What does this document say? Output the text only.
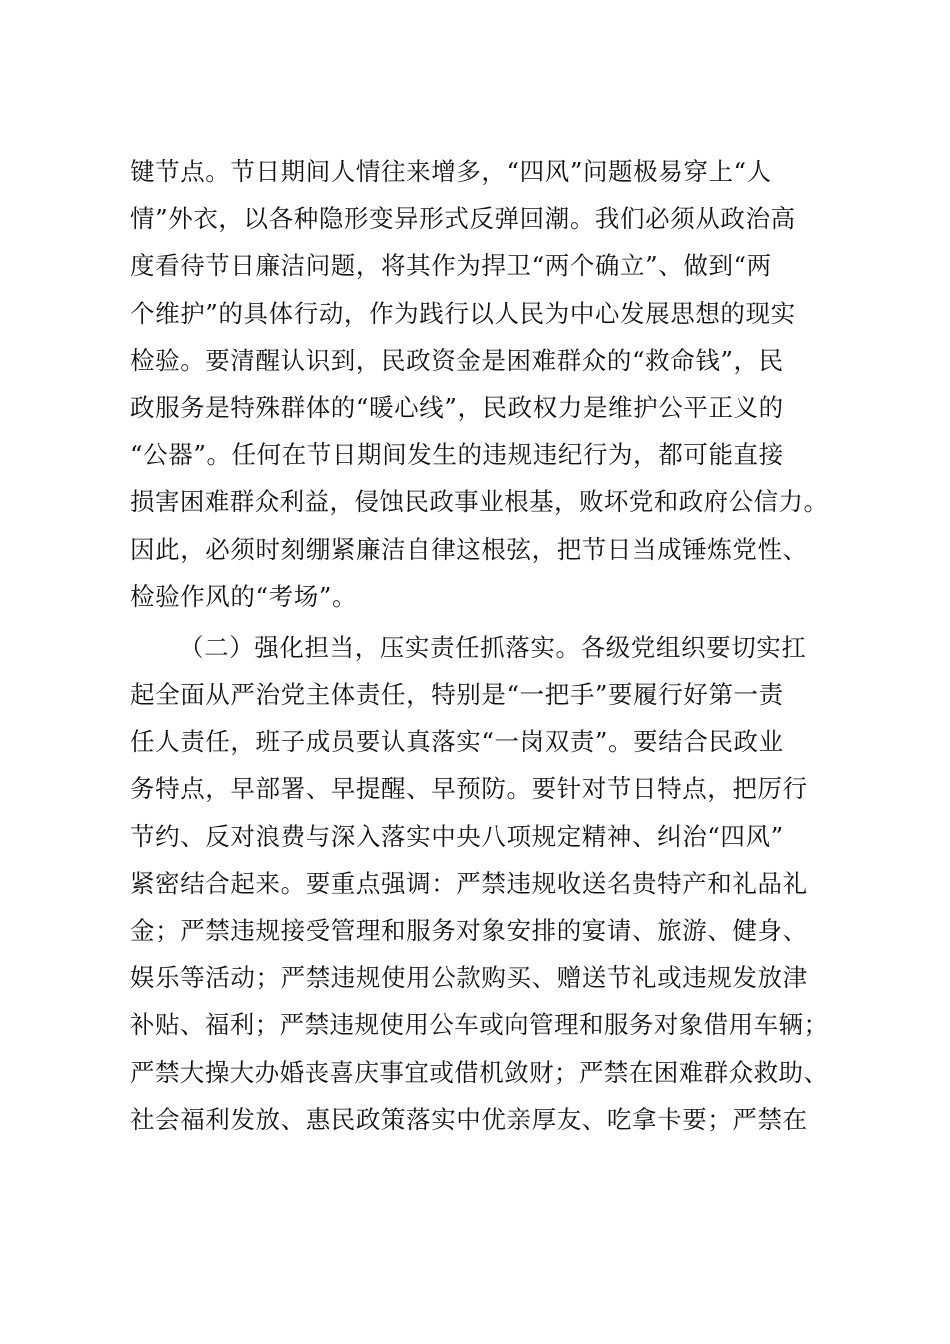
键节点。节日期间人情往来增多，“四风”问题极易穿上“人
情”外衣，以各种隐形变异形式反弹回潮。我们必须从政治高
度看待节日廉洁问题，将其作为捍卫“两个确立”、做到“两
个维护”的具体行动，作为践行以人民为中心发展思想的现实
检验。要清醒认识到，民政资金是困难群众的“救命钱”，民
政服务是特殊群体的“暖心线”，民政权力是维护公平正义的
“公器”。任何在节日期间发生的违规违纪行为，都可能直接
损害困难群众利益，侵蚀民政事业根基，败坏党和政府公信力。
因此，必须时刻绷紧廉洁自律这根弦，把节日当成锤炼党性、
检验作风的“考场”。
（二）强化担当，压实责任抓落实。各级党组织要切实扛
起全面从严治党主体责任，特别是“一把手”要履行好第一责
任人责任，班子成员要认真落实“一岗双责”。要结合民政业
务特点，早部署、早提醒、早预防。要针对节日特点，把厉行
节约、反对浪费与深入落实中央八项规定精神、纠治“四风”
紧密结合起来。要重点强调：严禁违规收送名贵特产和礼品礼
金；严禁违规接受管理和服务对象安排的宴请、旅游、健身、
娱乐等活动；严禁违规使用公款购买、赠送节礼或违规发放津
补贴、福利；严禁违规使用公车或向管理和服务对象借用车辆；
严禁大操大办婚丧喜庆事宜或借机敛财；严禁在困难群众救助、
社会福利发放、惠民政策落实中优亲厚友、吃拿卡要；严禁在
